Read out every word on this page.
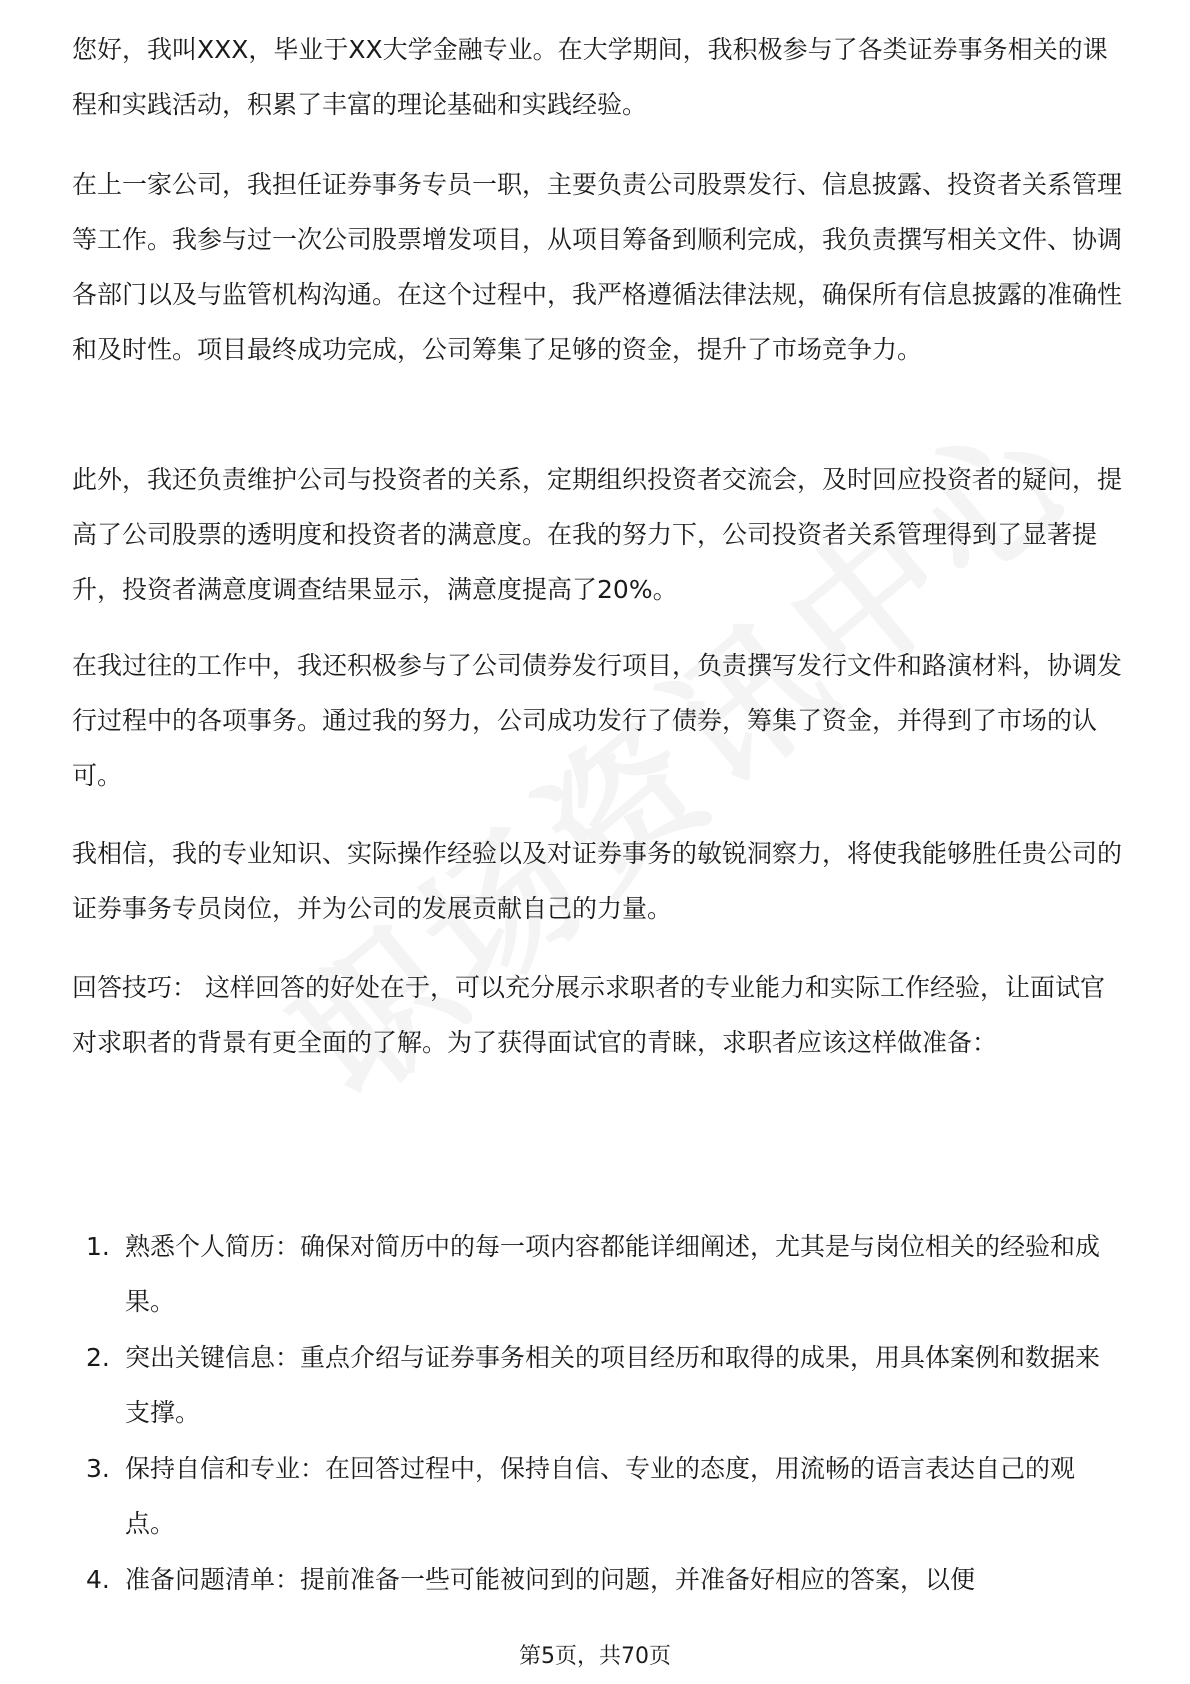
您好，我叫XXX，毕业于XX大学金融专业。在大学期间，我积极参与了各类证券事务相关的课程和实践活动，积累了丰富的理论基础和实践经验。

在上一家公司，我担任证券事务专员一职，主要负责公司股票发行、信息披露、投资者关系管理等工作。我参与过一次公司股票增发项目，从项目筹备到顺利完成，我负责撰写相关文件、协调各部门以及与监管机构沟通。在这个过程中，我严格遵循法律法规，确保所有信息披露的准确性和及时性。项目最终成功完成，公司筹集了足够的资金，提升了市场竞争力。

此外，我还负责维护公司与投资者的关系，定期组织投资者交流会，及时回应投资者的疑问，提高了公司股票的透明度和投资者的满意度。在我的努力下，公司投资者关系管理得到了显著提升，投资者满意度调查结果显示，满意度提高了20%。

在我过往的工作中，我还积极参与了公司债券发行项目，负责撰写发行文件和路演材料，协调发行过程中的各项事务。通过我的努力，公司成功发行了债券，筹集了资金，并得到了市场的认可。

我相信，我的专业知识、实际操作经验以及对证券事务的敏锐洞察力，将使我能够胜任贵公司的证券事务专员岗位，并为公司的发展贡献自己的力量。

回答技巧： 这样回答的好处在于，可以充分展示求职者的专业能力和实际工作经验，让面试官对求职者的背景有更全面的了解。为了获得面试官的青睐，求职者应该这样做准备：

1. 熟悉个人简历：确保对简历中的每一项内容都能详细阐述，尤其是与岗位相关的经验和成果。
2. 突出关键信息：重点介绍与证券事务相关的项目经历和取得的成果，用具体案例和数据来支撑。
3. 保持自信和专业：在回答过程中，保持自信、专业的态度，用流畅的语言表达自己的观点。
4. 准备问题清单：提前准备一些可能被问到的问题，并准备好相应的答案，以便
第5页，共70页
